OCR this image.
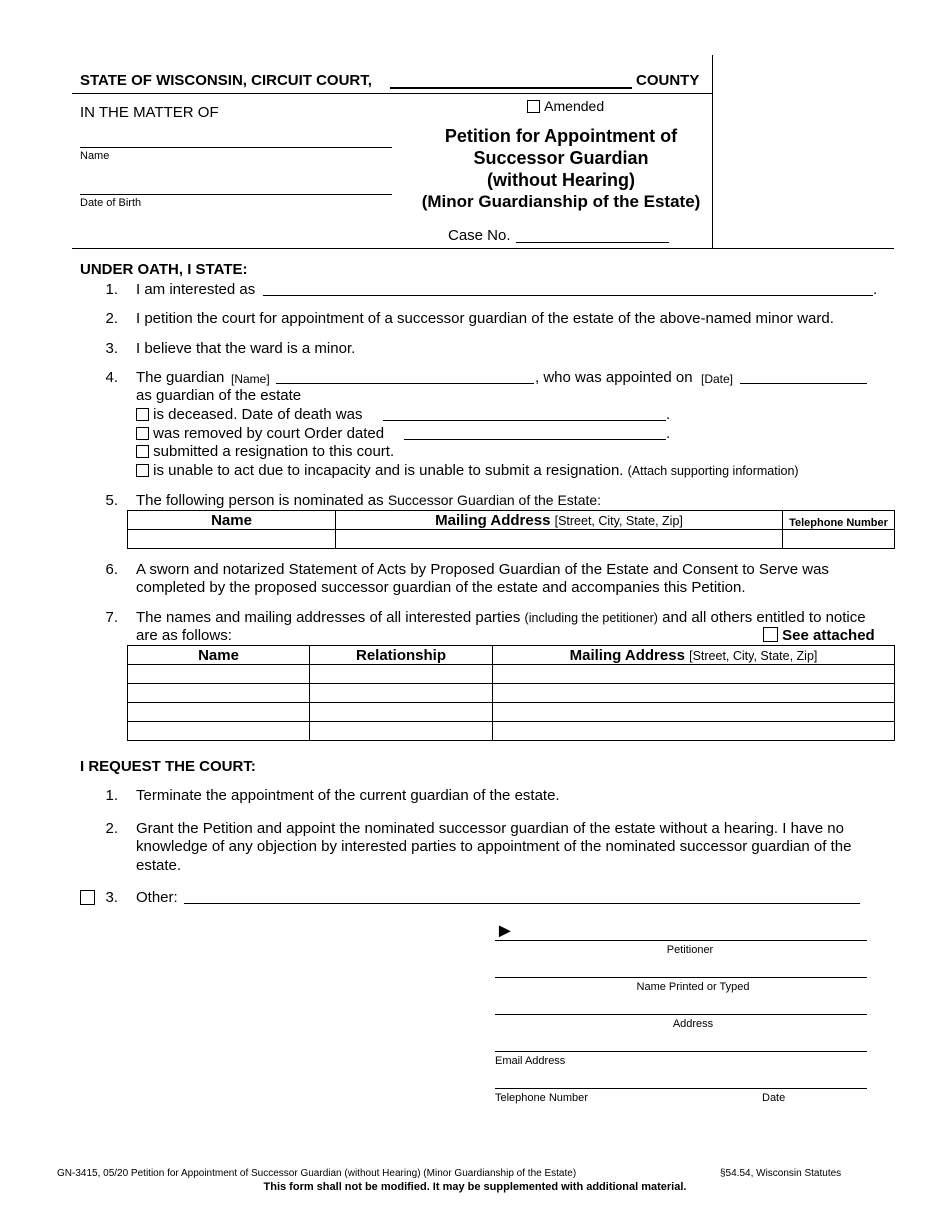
STATE OF WISCONSIN, CIRCUIT COURT,	COUNTY
IN THE MATTER OF
Name
Date of Birth
Amended
Petition for Appointment of
Successor Guardian
(without Hearing)
(Minor Guardianship of the Estate)
Case No.
UNDER OATH, I STATE:
1. I am interested as	.
2. I petition the court for appointment of a successor guardian of the estate of the above-named minor ward.
3. I believe that the ward is a minor.
4. The guardian [Name]	, who was appointed on [Date]
as guardian of the estate
is deceased. Date of death was	.
was removed by court Order dated	.
submitted a resignation to this court.
is unable to act due to incapacity and is unable to submit a resignation. (Attach supporting information)
5. The following person is nominated as Successor Guardian of the Estate:
Name	Mailing Address [Street, City, State, Zip]	Telephone Number

6. A sworn and notarized Statement of Acts by Proposed Guardian of the Estate and Consent to Serve was
completed by the proposed successor guardian of the estate and accompanies this Petition.
7. The names and mailing addresses of all interested parties (including the petitioner) and all others entitled to notice
are as follows:	See attached
Name	Relationship	Mailing Address [Street, City, State, Zip]

I REQUEST THE COURT:
1. Terminate the appointment of the current guardian of the estate.
2. Grant the Petition and appoint the nominated successor guardian of the estate without a hearing. I have no
knowledge of any objection by interested parties to appointment of the nominated successor guardian of the
estate.
3. Other:
►
Petitioner
Name Printed or Typed
Address
Email Address
Telephone Number	Date
GN-3415, 05/20 Petition for Appointment of Successor Guardian (without Hearing) (Minor Guardianship of the Estate)	§54.54, Wisconsin Statutes
This form shall not be modified. It may be supplemented with additional material.
